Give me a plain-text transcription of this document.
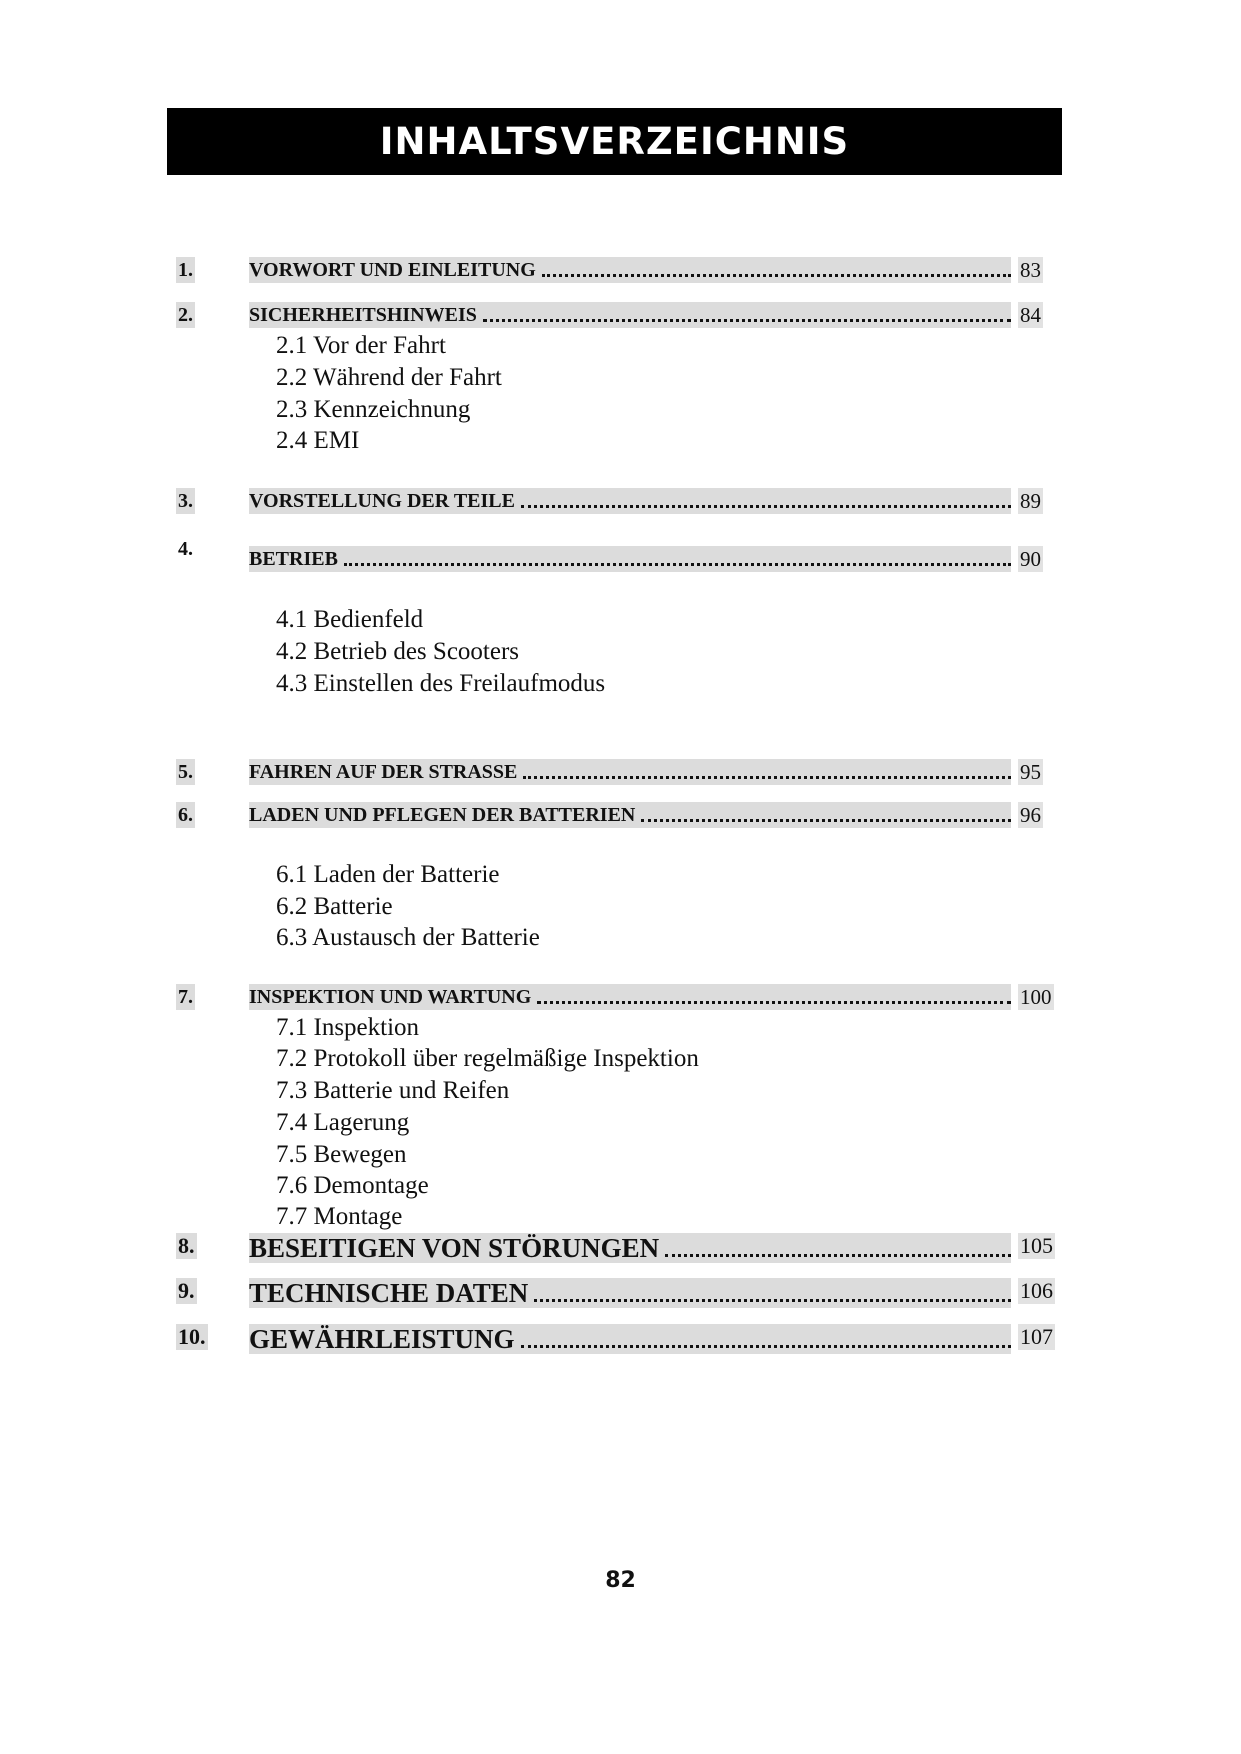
INHALTSVERZEICHNIS
1.	VORWORT UND EINLEITUNG	83
2.	SICHERHEITSHINWEIS	84
2.1 Vor der Fahrt
2.2 Während der Fahrt
2.3 Kennzeichnung
2.4 EMI
3.	VORSTELLUNG DER TEILE	89
4.	BETRIEB	90
4.1 Bedienfeld
4.2 Betrieb des Scooters
4.3 Einstellen des Freilaufmodus
5.	FAHREN AUF DER STRASSE	95
6.	LADEN UND PFLEGEN DER BATTERIEN	96
6.1 Laden der Batterie
6.2 Batterie
6.3 Austausch der Batterie
7.	INSPEKTION UND WARTUNG	100
7.1 Inspektion
7.2 Protokoll über regelmäßige Inspektion
7.3 Batterie und Reifen
7.4 Lagerung
7.5 Bewegen
7.6 Demontage
7.7 Montage
8. BESEITIGEN VON STÖRUNGEN	105
9. TECHNISCHE DATEN	106
10. GEWÄHRLEISTUNG	107
82
